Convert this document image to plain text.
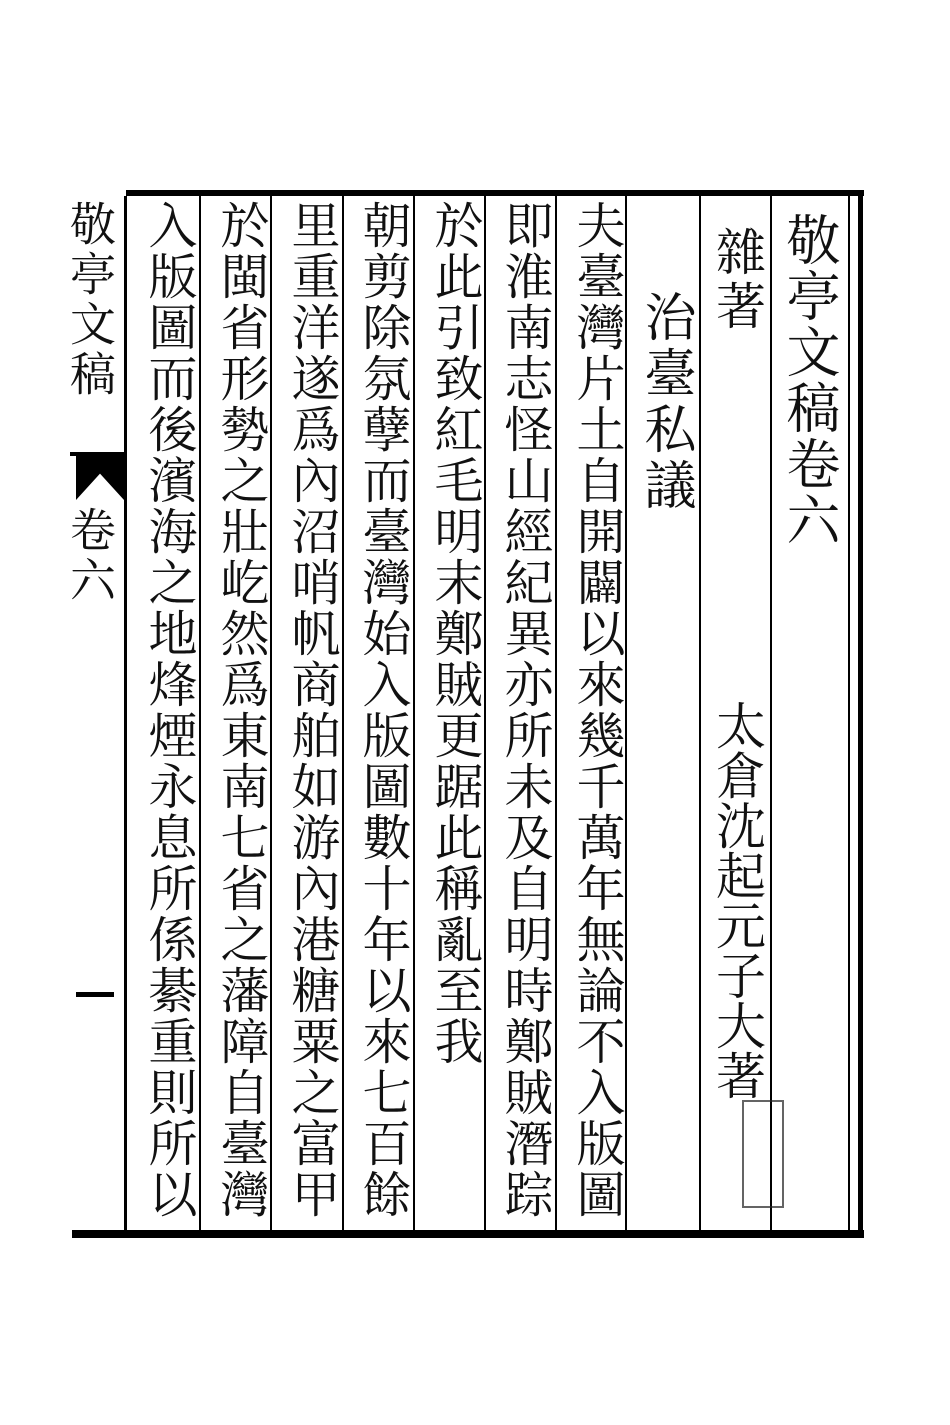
敬亭文稿
卷六
敬亭文稿卷六
雜著
太倉沈起元子大著
治臺私議
夫臺灣片土自開闢以來幾千萬年無論不入版圖
即淮南志怪山經紀異亦所未及自明時鄭賊潛踪
於此引致紅毛明末鄭賊更踞此稱亂至我
朝剪除氛孽而臺灣始入版圖數十年以來七百餘
里重洋遂爲內沼哨帆商舶如游內港糖粟之富甲
於閩省形勢之壯屹然爲東南七省之藩障自臺灣
入版圖而後濱海之地烽煙永息所係綦重則所以
